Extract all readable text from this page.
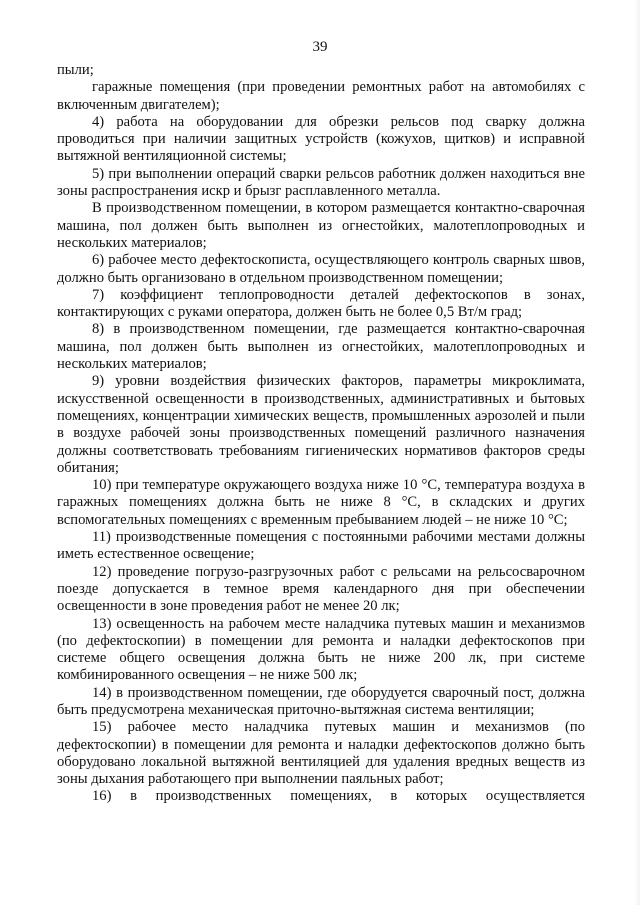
39

пыли;

гаражные помещения (при проведении ремонтных работ на автомобилях с включенным двигателем);

4) работа на оборудовании для обрезки рельсов под сварку должна проводиться при наличии защитных устройств (кожухов, щитков) и исправной вытяжной вентиляционной системы;

5) при выполнении операций сварки рельсов работник должен находиться вне зоны распространения искр и брызг расплавленного металла.

В производственном помещении, в котором размещается контактно-сварочная машина, пол должен быть выполнен из огнестойких, малотеплопроводных и нескольких материалов;

6) рабочее место дефектоскописта, осуществляющего контроль сварных швов, должно быть организовано в отдельном производственном помещении;

7) коэффициент теплопроводности деталей дефектоскопов в зонах, контактирующих с руками оператора, должен быть не более 0,5 Вт/м град;

8) в производственном помещении, где размещается контактно-сварочная машина, пол должен быть выполнен из огнестойких, малотеплопроводных и нескольких материалов;

9) уровни воздействия физических факторов, параметры микроклимата, искусственной освещенности в производственных, административных и бытовых помещениях, концентрации химических веществ, промышленных аэрозолей и пыли в воздухе рабочей зоны производственных помещений различного назначения должны соответствовать требованиям гигиенических нормативов факторов среды обитания;

10) при температуре окружающего воздуха ниже 10 °С, температура воздуха в гаражных помещениях должна быть не ниже 8 °С, в складских и других вспомогательных помещениях с временным пребыванием людей – не ниже 10 °С;

11) производственные помещения с постоянными рабочими местами должны иметь естественное освещение;

12) проведение погрузо-разгрузочных работ с рельсами на рельсосварочном поезде допускается в темное время календарного дня при обеспечении освещенности в зоне проведения работ не менее 20 лк;

13) освещенность на рабочем месте наладчика путевых машин и механизмов (по дефектоскопии) в помещении для ремонта и наладки дефектоскопов при системе общего освещения должна быть не ниже 200 лк, при системе комбинированного освещения – не ниже 500 лк;

14) в производственном помещении, где оборудуется сварочный пост, должна быть предусмотрена механическая приточно-вытяжная система вентиляции;

15) рабочее место наладчика путевых машин и механизмов (по дефектоскопии) в помещении для ремонта и наладки дефектоскопов должно быть оборудовано локальной вытяжной вентиляцией для удаления вредных веществ из зоны дыхания работающего при выполнении паяльных работ;

16) в производственных помещениях, в которых осуществляется
